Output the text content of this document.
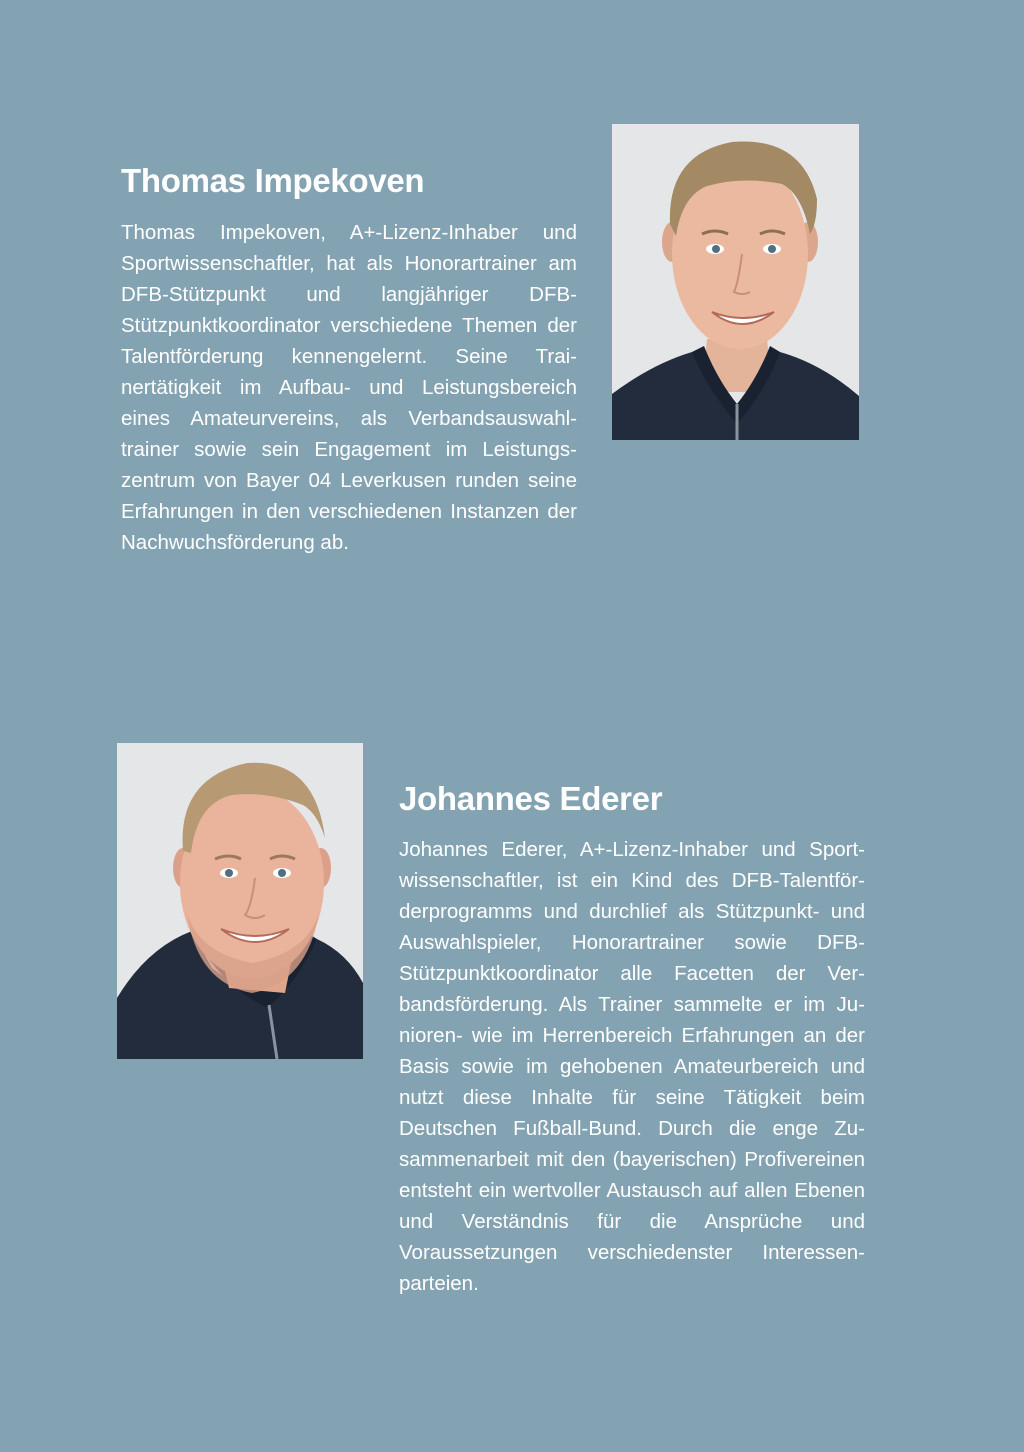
Thomas Impekoven

Thomas Impekoven, A+-Lizenz-Inhaber und Sportwissenschaftler, hat als Honorartrainer am DFB-Stützpunkt und langjähriger DFB-Stützpunktkoordinator verschiedene Themen der Talentförderung kennengelernt. Seine Trainertätigkeit im Aufbau- und Leistungsbereich eines Amateurvereins, als Verbandsauswahltrainer sowie sein Engagement im Leistungszentrum von Bayer 04 Leverkusen runden seine Erfahrungen in den verschiedenen Instanzen der Nachwuchsförderung ab.

Johannes Ederer

Johannes Ederer, A+-Lizenz-Inhaber und Sportwissenschaftler, ist ein Kind des DFB-Talentförderprogramms und durchlief als Stützpunkt- und Auswahlspieler, Honorartrainer sowie DFB-Stützpunktkoordinator alle Facetten der Verbandsförderung. Als Trainer sammelte er im Junioren- wie im Herrenbereich Erfahrungen an der Basis sowie im gehobenen Amateurbereich und nutzt diese Inhalte für seine Tätigkeit beim Deutschen Fußball-Bund. Durch die enge Zusammenarbeit mit den (bayerischen) Profivereinen entsteht ein wertvoller Austausch auf allen Ebenen und Verständnis für die Ansprüche und Voraussetzungen verschiedenster Interessenparteien.
